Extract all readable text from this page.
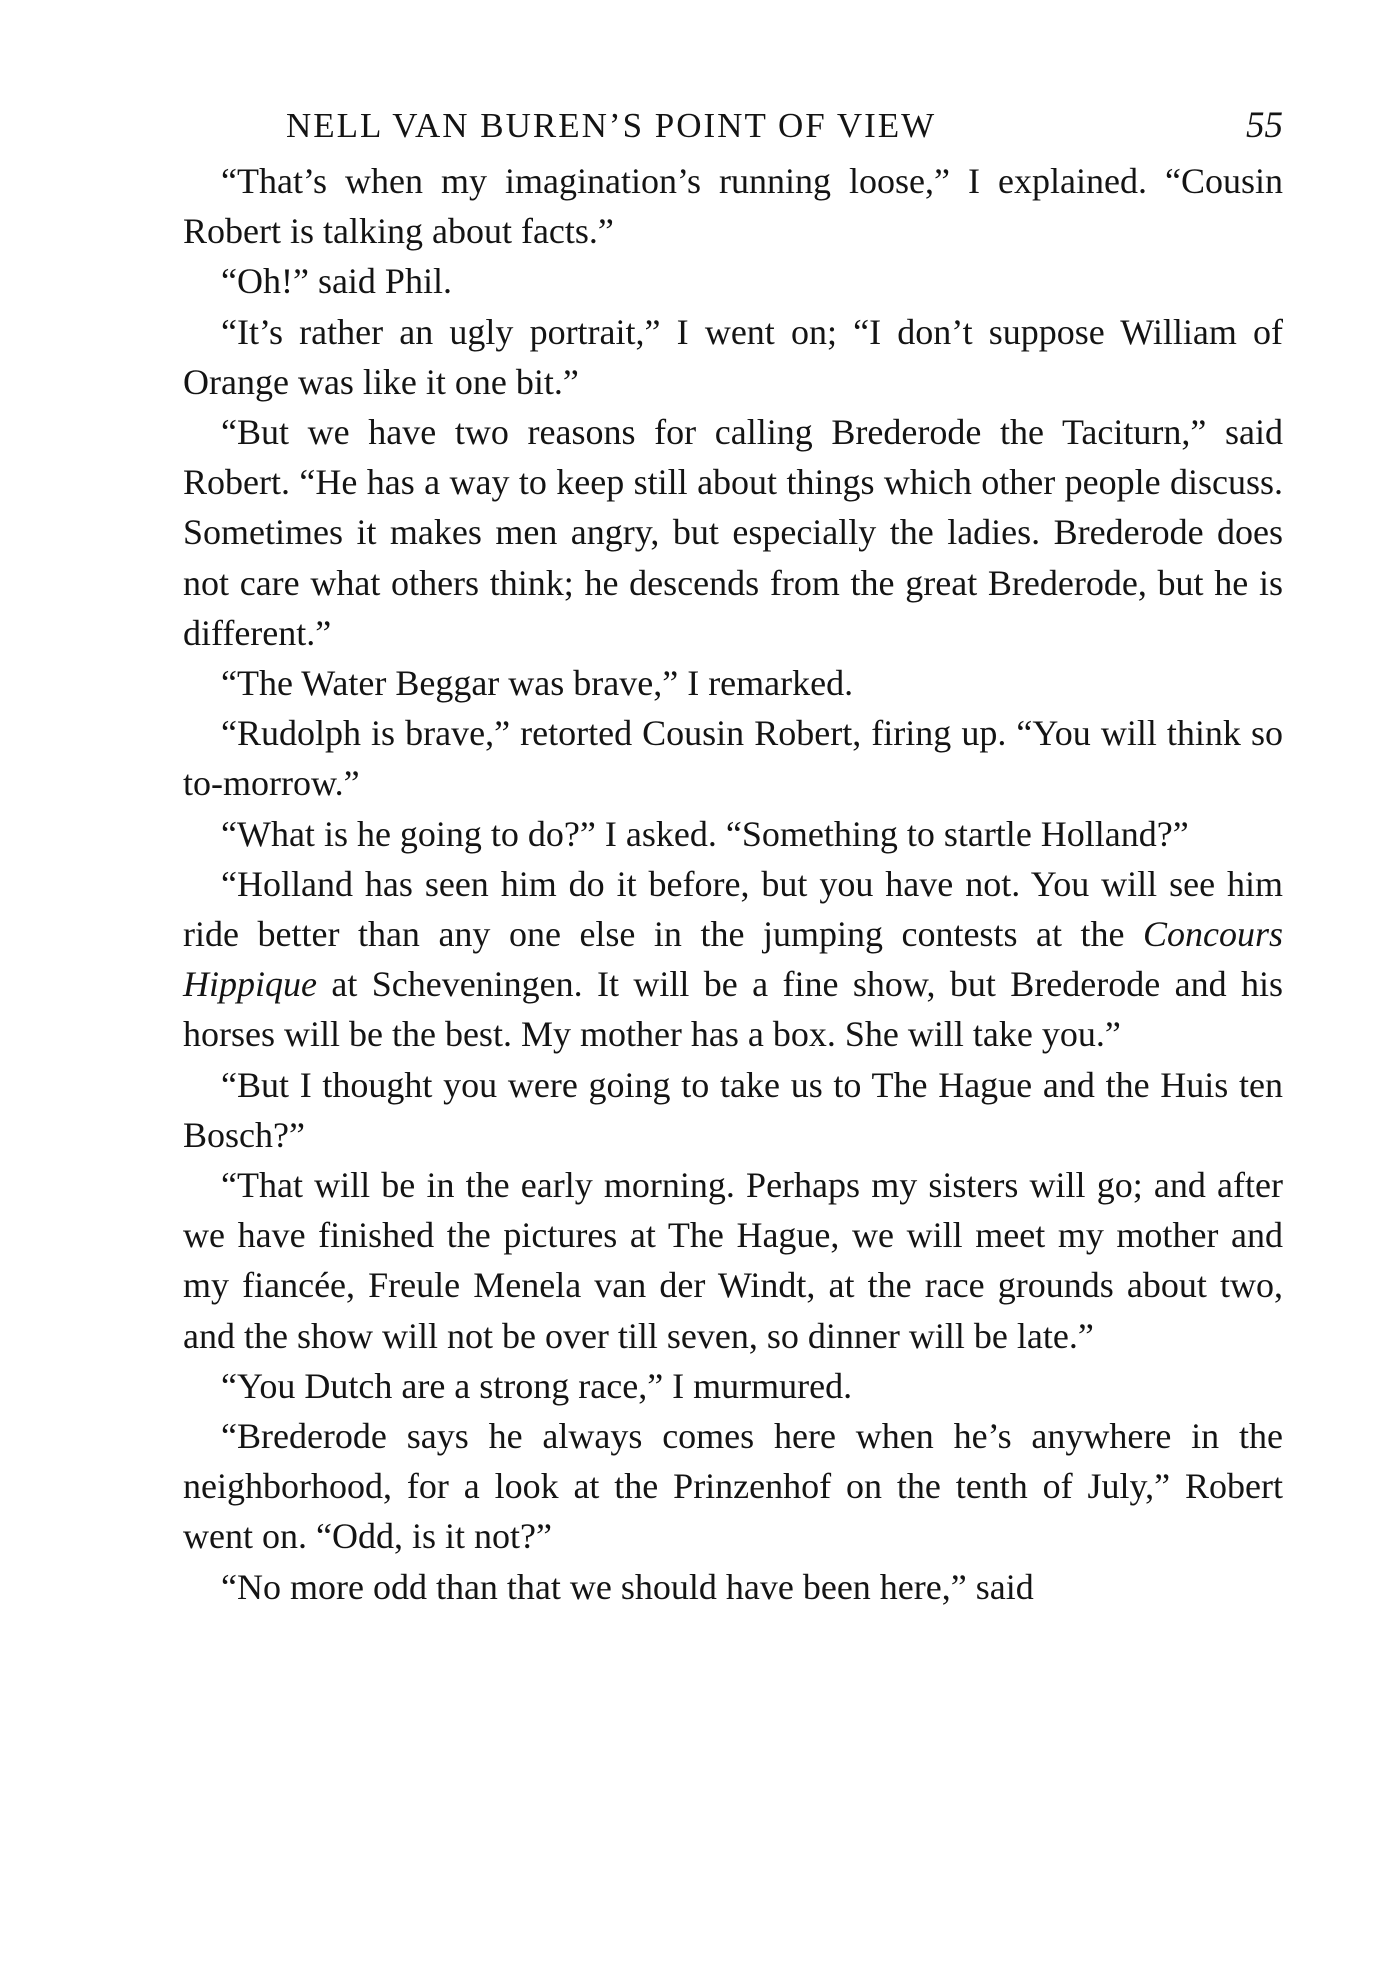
NELL VAN BUREN’S POINT OF VIEW	55

“That’s when my imagination’s running loose,” I explained. “Cousin Robert is talking about facts.”

“Oh!” said Phil.

“It’s rather an ugly portrait,” I went on; “I don’t suppose William of Orange was like it one bit.”

“But we have two reasons for calling Brederode the Taciturn,” said Robert. “He has a way to keep still about things which other people discuss. Sometimes it makes men angry, but especially the ladies. Brederode does not care what others think; he descends from the great Brederode, but he is different.”

“The Water Beggar was brave,” I remarked.

“Rudolph is brave,” retorted Cousin Robert, firing up. “You will think so to-morrow.”

“What is he going to do?” I asked. “Something to startle Holland?”

“Holland has seen him do it before, but you have not. You will see him ride better than any one else in the jumping contests at the Concours Hippique at Scheveningen. It will be a fine show, but Brederode and his horses will be the best. My mother has a box. She will take you.”

“But I thought you were going to take us to The Hague and the Huis ten Bosch?”

“That will be in the early morning. Perhaps my sisters will go; and after we have finished the pictures at The Hague, we will meet my mother and my fiancée, Freule Menela van der Windt, at the race grounds about two, and the show will not be over till seven, so dinner will be late.”

“You Dutch are a strong race,” I murmured.

“Brederode says he always comes here when he’s anywhere in the neighborhood, for a look at the Prinzenhof on the tenth of July,” Robert went on. “Odd, is it not?”

“No more odd than that we should have been here,” said
